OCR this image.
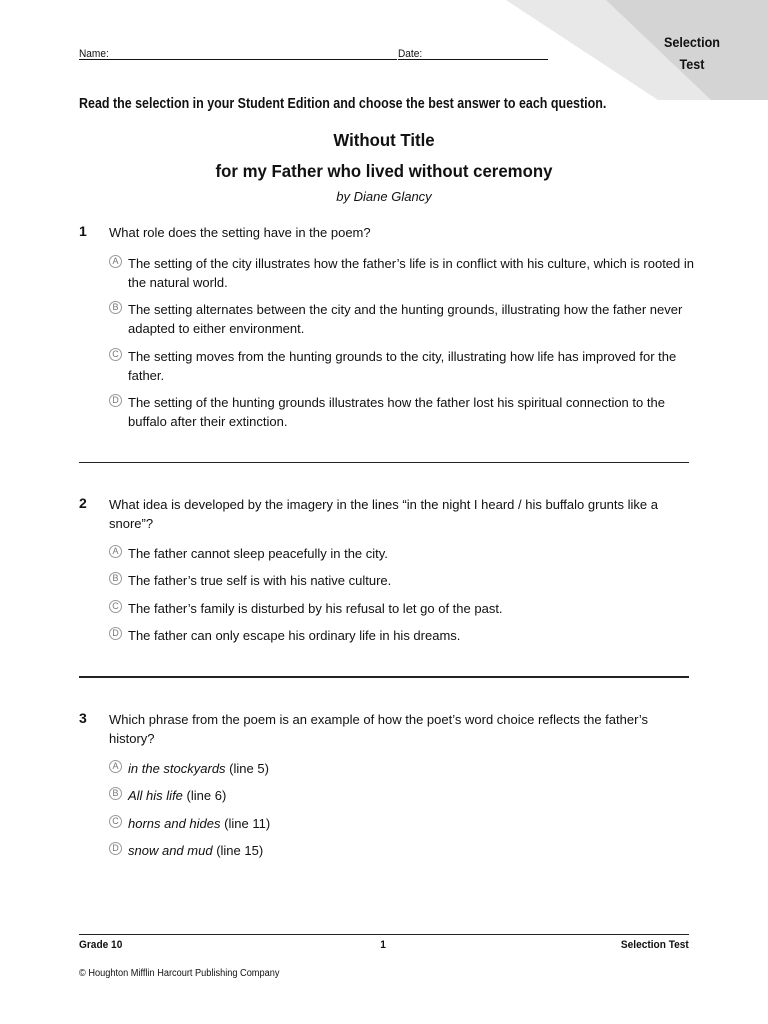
Selection
Test
Name:	Date:
Read the selection in your Student Edition and choose the best answer to each question.
Without Title
for my Father who lived without ceremony
by Diane Glancy
1 What role does the setting have in the poem?
A The setting of the city illustrates how the father’s life is in conflict with his culture, which is rooted in the natural world.
B The setting alternates between the city and the hunting grounds, illustrating how the father never adapted to either environment.
C The setting moves from the hunting grounds to the city, illustrating how life has improved for the father.
D The setting of the hunting grounds illustrates how the father lost his spiritual connection to the buffalo after their extinction.
2 What idea is developed by the imagery in the lines “in the night I heard / his buffalo grunts like a snore”?
A The father cannot sleep peacefully in the city.
B The father’s true self is with his native culture.
C The father’s family is disturbed by his refusal to let go of the past.
D The father can only escape his ordinary life in his dreams.
3 Which phrase from the poem is an example of how the poet’s word choice reflects the father’s history?
A in the stockyards (line 5)
B All his life (line 6)
C horns and hides (line 11)
D snow and mud (line 15)
Grade 10	1	Selection Test
© Houghton Mifflin Harcourt Publishing Company
